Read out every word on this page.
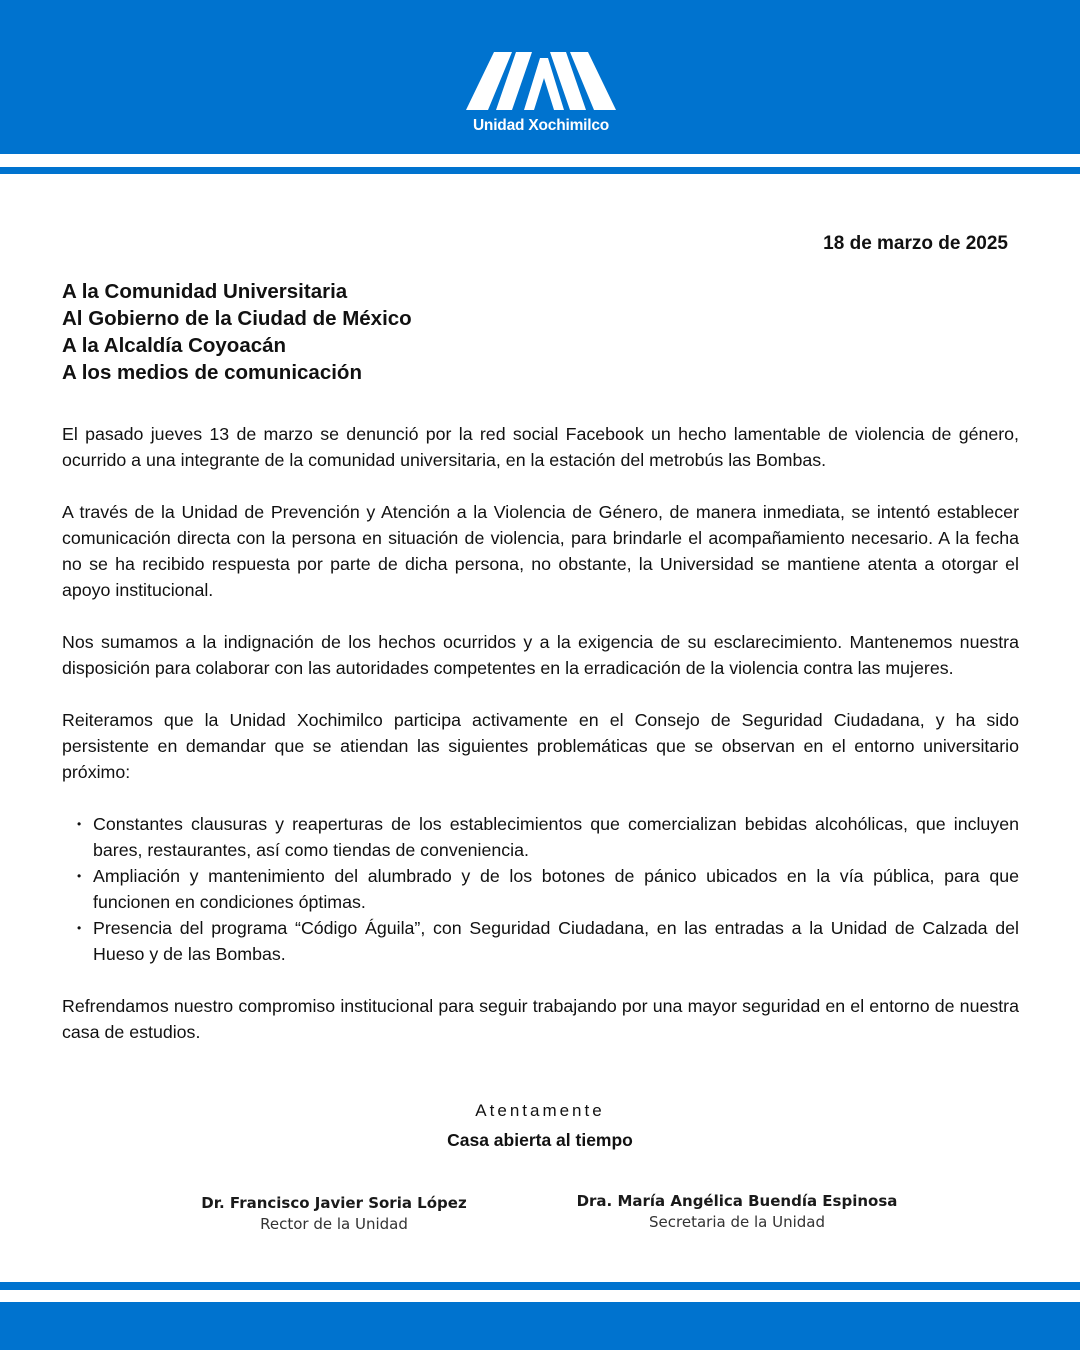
Unidad Xochimilco
18 de marzo de 2025
A la Comunidad Universitaria
Al Gobierno de la Ciudad de México
A la Alcaldía Coyoacán
A los medios de comunicación

El pasado jueves 13 de marzo se denunció por la red social Facebook un hecho lamentable de violencia de género, ocurrido a una integrante de la comunidad universitaria, en la estación del metrobús las Bombas.

A través de la Unidad de Prevención y Atención a la Violencia de Género, de manera inmediata, se intentó establecer comunicación directa con la persona en situación de violencia, para brindarle el acompañamiento necesario. A la fecha no se ha recibido respuesta por parte de dicha persona, no obstante, la Universidad se mantiene atenta a otorgar el apoyo institucional.

Nos sumamos a la indignación de los hechos ocurridos y a la exigencia de su esclarecimiento. Mantenemos nuestra disposición para colaborar con las autoridades competentes en la erradicación de la violencia contra las mujeres.

Reiteramos que la Unidad Xochimilco participa activamente en el Consejo de Seguridad Ciudadana, y ha sido persistente en demandar que se atiendan las siguientes problemáticas que se observan en el entorno universitario próximo:

• Constantes clausuras y reaperturas de los establecimientos que comercializan bebidas alcohólicas, que incluyen bares, restaurantes, así como tiendas de conveniencia.
• Ampliación y mantenimiento del alumbrado y de los botones de pánico ubicados en la vía pública, para que funcionen en condiciones óptimas.
• Presencia del programa “Código Águila”, con Seguridad Ciudadana, en las entradas a la Unidad de Calzada del Hueso y de las Bombas.

Refrendamos nuestro compromiso institucional para seguir trabajando por una mayor seguridad en el entorno de nuestra casa de estudios.

Atentamente
Casa abierta al tiempo
Dr. Francisco Javier Soria López
Rector de la Unidad
Dra. María Angélica Buendía Espinosa
Secretaria de la Unidad
